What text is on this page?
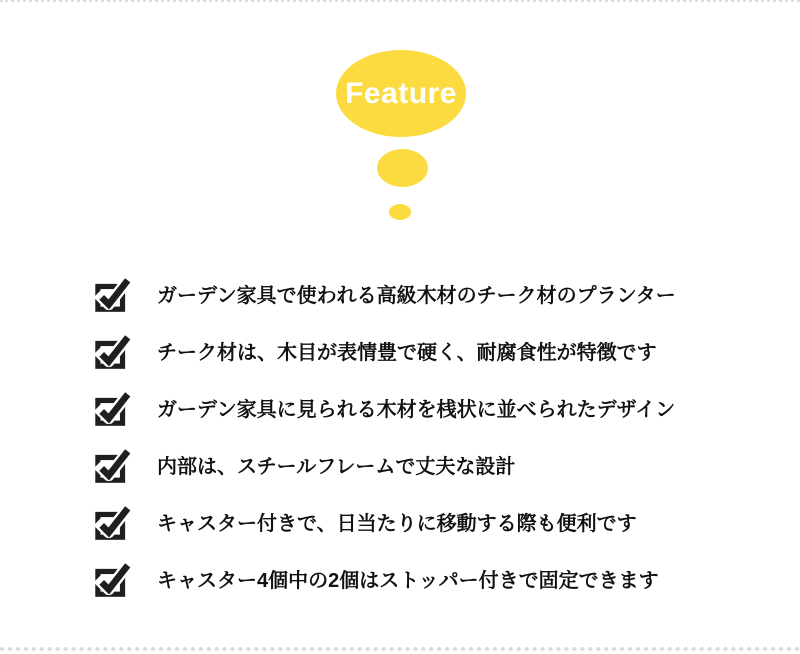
Feature
ガーデン家具で使われる高級木材のチーク材のプランター
チーク材は、木目が表情豊で硬く、耐腐食性が特徴です
ガーデン家具に見られる木材を桟状に並べられたデザイン
内部は、スチールフレームで丈夫な設計
キャスター付きで、日当たりに移動する際も便利です
キャスター4個中の2個はストッパー付きで固定できます
